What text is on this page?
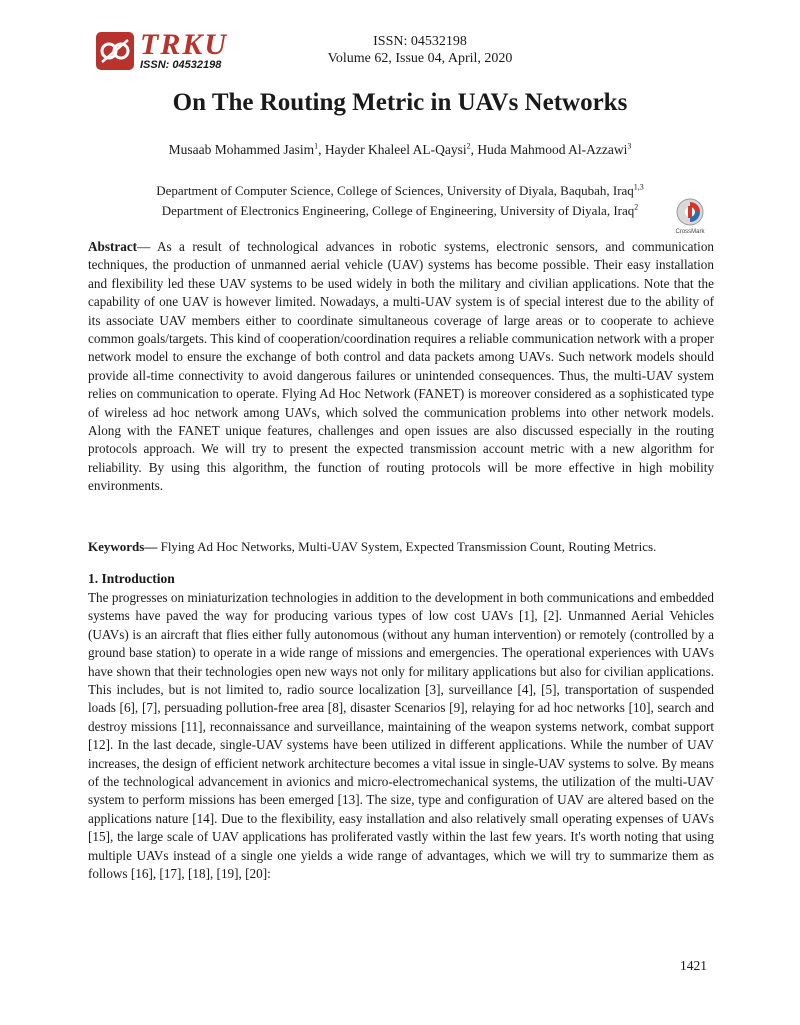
TRKU
ISSN: 04532198
ISSN: 04532198
Volume 62, Issue 04, April, 2020
On The Routing Metric in UAVs Networks
Musaab Mohammed Jasim$^1$, Hayder Khaleel AL-Qaysi$^2$, Huda Mahmood Al-Azzawi$^3$
Department of Computer Science, College of Sciences, University of Diyala, Baqubah, Iraq$^{1,3}$
Department of Electronics Engineering, College of Engineering, University of Diyala, Iraq$^2$
CrossMark

Abstract— As a result of technological advances in robotic systems, electronic sensors, and communication techniques, the production of unmanned aerial vehicle (UAV) systems has become possible. Their easy installation and flexibility led these UAV systems to be used widely in both the military and civilian applications. Note that the capability of one UAV is however limited. Nowadays, a multi-UAV system is of special interest due to the ability of its associate UAV members either to coordinate simultaneous coverage of large areas or to cooperate to achieve common goals/targets. This kind of cooperation/coordination requires a reliable communication network with a proper network model to ensure the exchange of both control and data packets among UAVs. Such network models should provide all-time connectivity to avoid dangerous failures or unintended consequences. Thus, the multi-UAV system relies on communication to operate. Flying Ad Hoc Network (FANET) is moreover considered as a sophisticated type of wireless ad hoc network among UAVs, which solved the communication problems into other network models. Along with the FANET unique features, challenges and open issues are also discussed especially in the routing protocols approach. We will try to present the expected transmission account metric with a new algorithm for reliability. By using this algorithm, the function of routing protocols will be more effective in high mobility environments.

Keywords— Flying Ad Hoc Networks, Multi-UAV System, Expected Transmission Count, Routing Metrics.

1. Introduction

The progresses on miniaturization technologies in addition to the development in both communications and embedded systems have paved the way for producing various types of low cost UAVs [1], [2]. Unmanned Aerial Vehicles (UAVs) is an aircraft that flies either fully autonomous (without any human intervention) or remotely (controlled by a ground base station) to operate in a wide range of missions and emergencies. The operational experiences with UAVs have shown that their technologies open new ways not only for military applications but also for civilian applications. This includes, but is not limited to, radio source localization [3], surveillance [4], [5], transportation of suspended loads [6], [7], persuading pollution-free area [8], disaster Scenarios [9], relaying for ad hoc networks [10], search and destroy missions [11], reconnaissance and surveillance, maintaining of the weapon systems network, combat support [12]. In the last decade, single-UAV systems have been utilized in different applications. While the number of UAV increases, the design of efficient network architecture becomes a vital issue in single-UAV systems to solve. By means of the technological advancement in avionics and micro-electromechanical systems, the utilization of the multi-UAV system to perform missions has been emerged [13]. The size, type and configuration of UAV are altered based on the applications nature [14]. Due to the flexibility, easy installation and also relatively small operating expenses of UAVs [15], the large scale of UAV applications has proliferated vastly within the last few years. It's worth noting that using multiple UAVs instead of a single one yields a wide range of advantages, which we will try to summarize them as follows [16], [17], [18], [19], [20]:

1421
